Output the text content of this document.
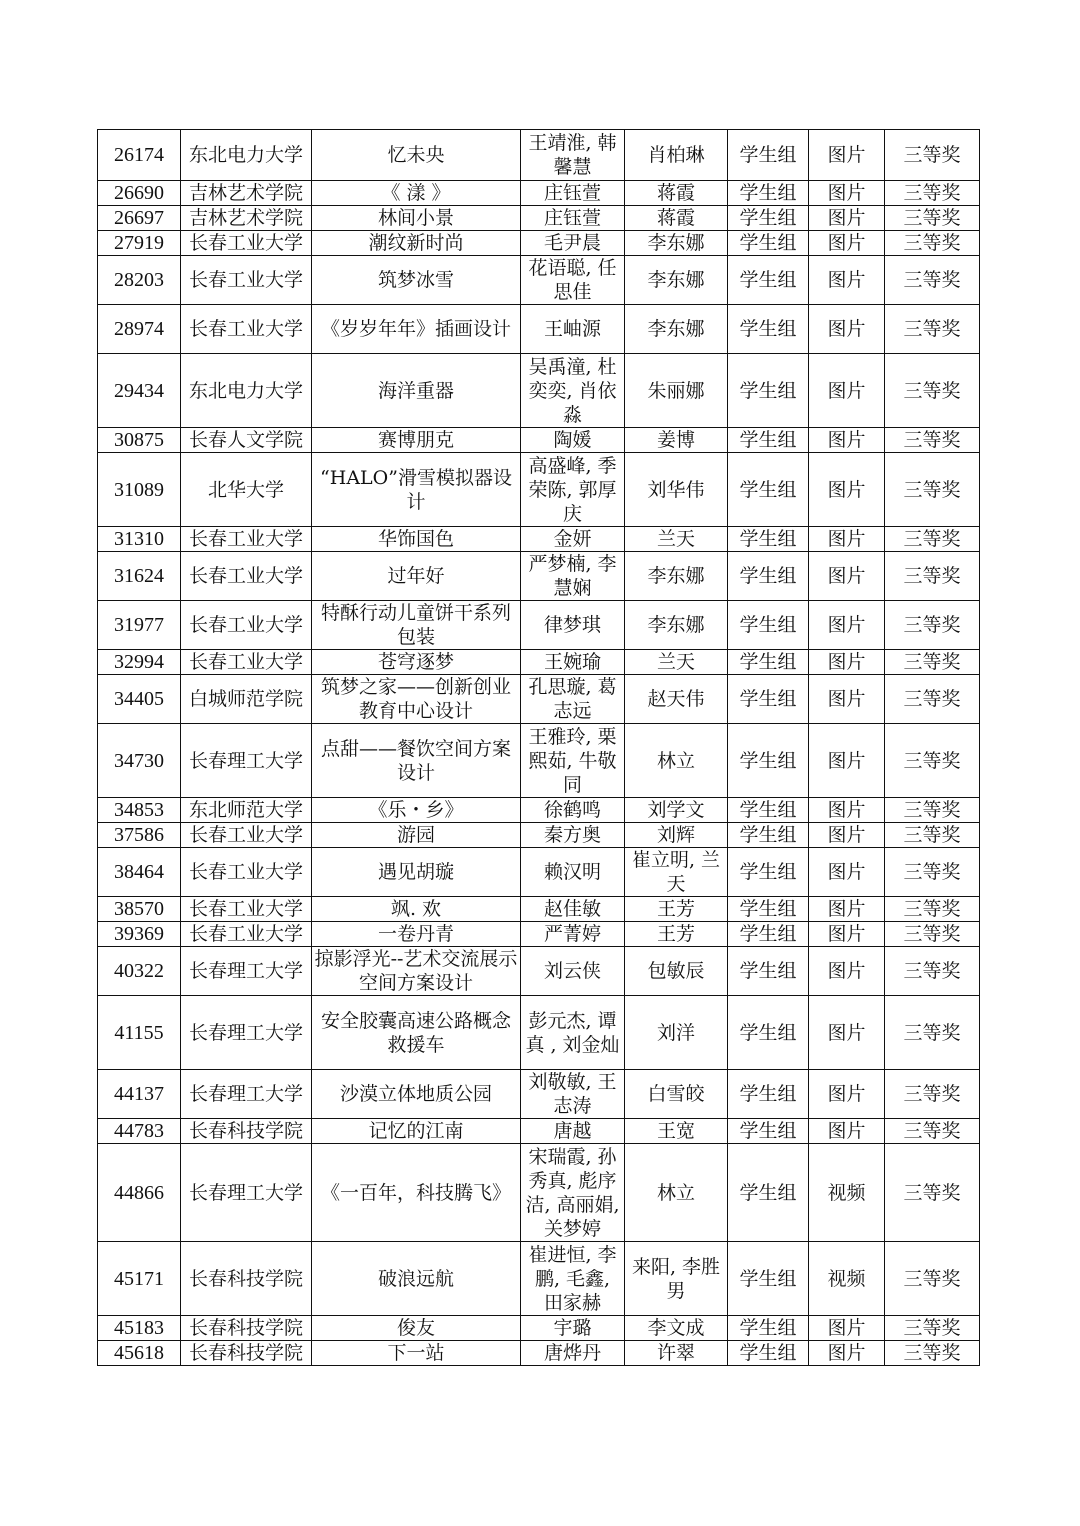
26174	东北电力大学	忆未央	王靖淮, 韩馨慧	肖柏琳	学生组	图片	三等奖
26690	吉林艺术学院	《 漾 》	庄钰萱	蒋霞	学生组	图片	三等奖
26697	吉林艺术学院	林间小景	庄钰萱	蒋霞	学生组	图片	三等奖
27919	长春工业大学	潮纹新时尚	毛尹晨	李东娜	学生组	图片	三等奖
28203	长春工业大学	筑梦冰雪	花语聪, 任思佳	李东娜	学生组	图片	三等奖
28974	长春工业大学	《岁岁年年》插画设计	王岫源	李东娜	学生组	图片	三等奖
29434	东北电力大学	海洋重器	吴禹潼, 杜奕奕, 肖依淼	朱丽娜	学生组	图片	三等奖
30875	长春人文学院	赛博朋克	陶媛	姜博	学生组	图片	三等奖
31089	北华大学	“HALO”滑雪模拟器设计	高盛峰, 季荣陈, 郭厚庆	刘华伟	学生组	图片	三等奖
31310	长春工业大学	华饰国色	金妍	兰天	学生组	图片	三等奖
31624	长春工业大学	过年好	严梦楠, 李慧娴	李东娜	学生组	图片	三等奖
31977	长春工业大学	特酥行动儿童饼干系列包装	律梦琪	李东娜	学生组	图片	三等奖
32994	长春工业大学	苍穹逐梦	王婉瑜	兰天	学生组	图片	三等奖
34405	白城师范学院	筑梦之家——创新创业教育中心设计	孔思璇, 葛志远	赵天伟	学生组	图片	三等奖
34730	长春理工大学	点甜——餐饮空间方案设计	王雅玲, 栗熙茹, 牛敬同	林立	学生组	图片	三等奖
34853	东北师范大学	《乐・乡》	徐鹤鸣	刘学文	学生组	图片	三等奖
37586	长春工业大学	游园	秦方奥	刘辉	学生组	图片	三等奖
38464	长春工业大学	遇见胡璇	赖汉明	崔立明, 兰天	学生组	图片	三等奖
38570	长春工业大学	飒. 欢	赵佳敏	王芳	学生组	图片	三等奖
39369	长春工业大学	一卷丹青	严菁婷	王芳	学生组	图片	三等奖
40322	长春理工大学	掠影浮光--艺术交流展示空间方案设计	刘云侠	包敏辰	学生组	图片	三等奖
41155	长春理工大学	安全胶囊高速公路概念救援车	彭元杰, 谭真 , 刘金灿	刘洋	学生组	图片	三等奖
44137	长春理工大学	沙漠立体地质公园	刘敬敏, 王志涛	白雪皎	学生组	图片	三等奖
44783	长春科技学院	记忆的江南	唐越	王宽	学生组	图片	三等奖
44866	长春理工大学	《一百年，科技腾飞》	宋瑞霞, 孙秀真, 彪序洁, 高丽娟, 关梦婷	林立	学生组	视频	三等奖
45171	长春科技学院	破浪远航	崔进恒, 李鹏, 毛鑫, 田家赫	来阳, 李胜男	学生组	视频	三等奖
45183	长春科技学院	俊友	宇璐	李文成	学生组	图片	三等奖
45618	长春科技学院	下一站	唐烨丹	许翠	学生组	图片	三等奖
